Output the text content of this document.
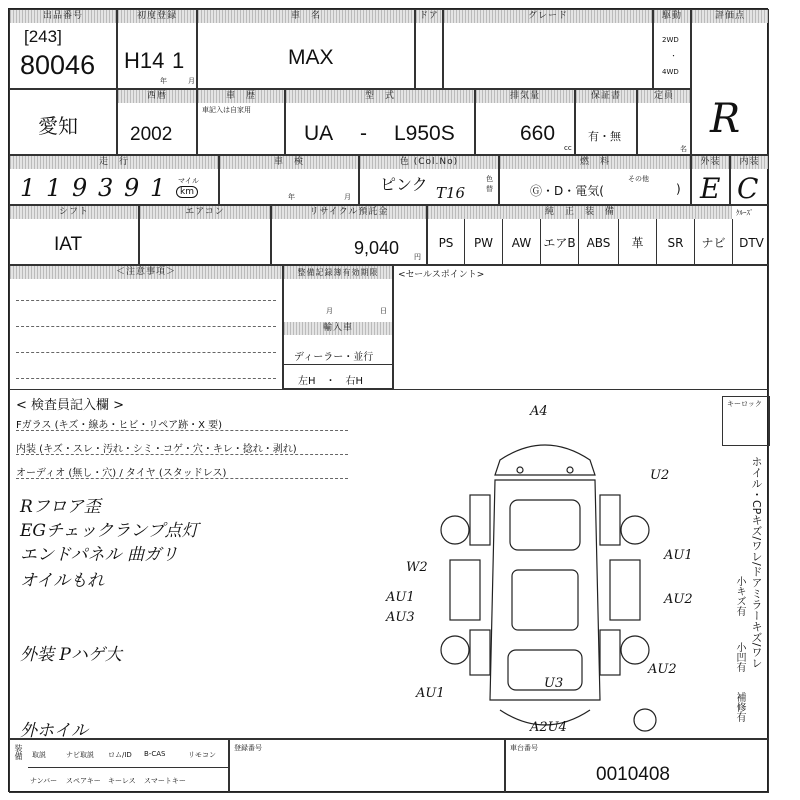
出品番号
[243]
80046
初度登録
H14 1
年	月
車　名
MAX
ドア	グレード	駆動
2WD
・
4WD
評価点
R
愛知
西暦
2002
車　歴
車記入は自家用
型　式
UA - L950S
排気量
660
cc
保証書
有・無
定員
名
走　行
1 1 9 3 9 1 マイル
km
車　検
年	月
色 (Col.No)
ピンク T16
色替
燃　料
Ⓖ・D・電気(
その他
)
外装
E
内装
C
シフト
IAT
エアコン	リサイクル預託金
9,040 円
純　正　装　備	ｸﾙｰｽﾞ
PS	PW	AW	エアB ABS	革	SR	ナビ	DTV
＜注意事項＞	整備記録簿有効期限
月	日
輸入車
ディーラー・並行
左H　・　右H
<セールスポイント>
< 検査員記入欄 >
Fガラス (キズ・線あ・ヒビ・リペア跡・X 要)
内装 (キズ・スレ・汚れ・シミ・コゲ・穴・キレ・捻れ・剥れ)
オーディオ (無し・穴) / タイヤ (スタッドレス)
Rフロア歪
EGチェックランプ点灯
エンドパネル 曲ガリ
オイルもれ
外装 Pハゲ大
外ホイル
A4
U2
W2
AU1
AU3
AU1
AU2
AU2
AU1
U3
A2U4
キーロック
ホイル・CPキズ/ワレ/ドアミラーキズ/ワレ
小キズ有
小凹有
補修有
装備 取説	ナビ取説 ロム/ID B-CAS	リモコン
ナンバー スペアキー キーレス スマートキー
登録番号	車台番号
0010408
